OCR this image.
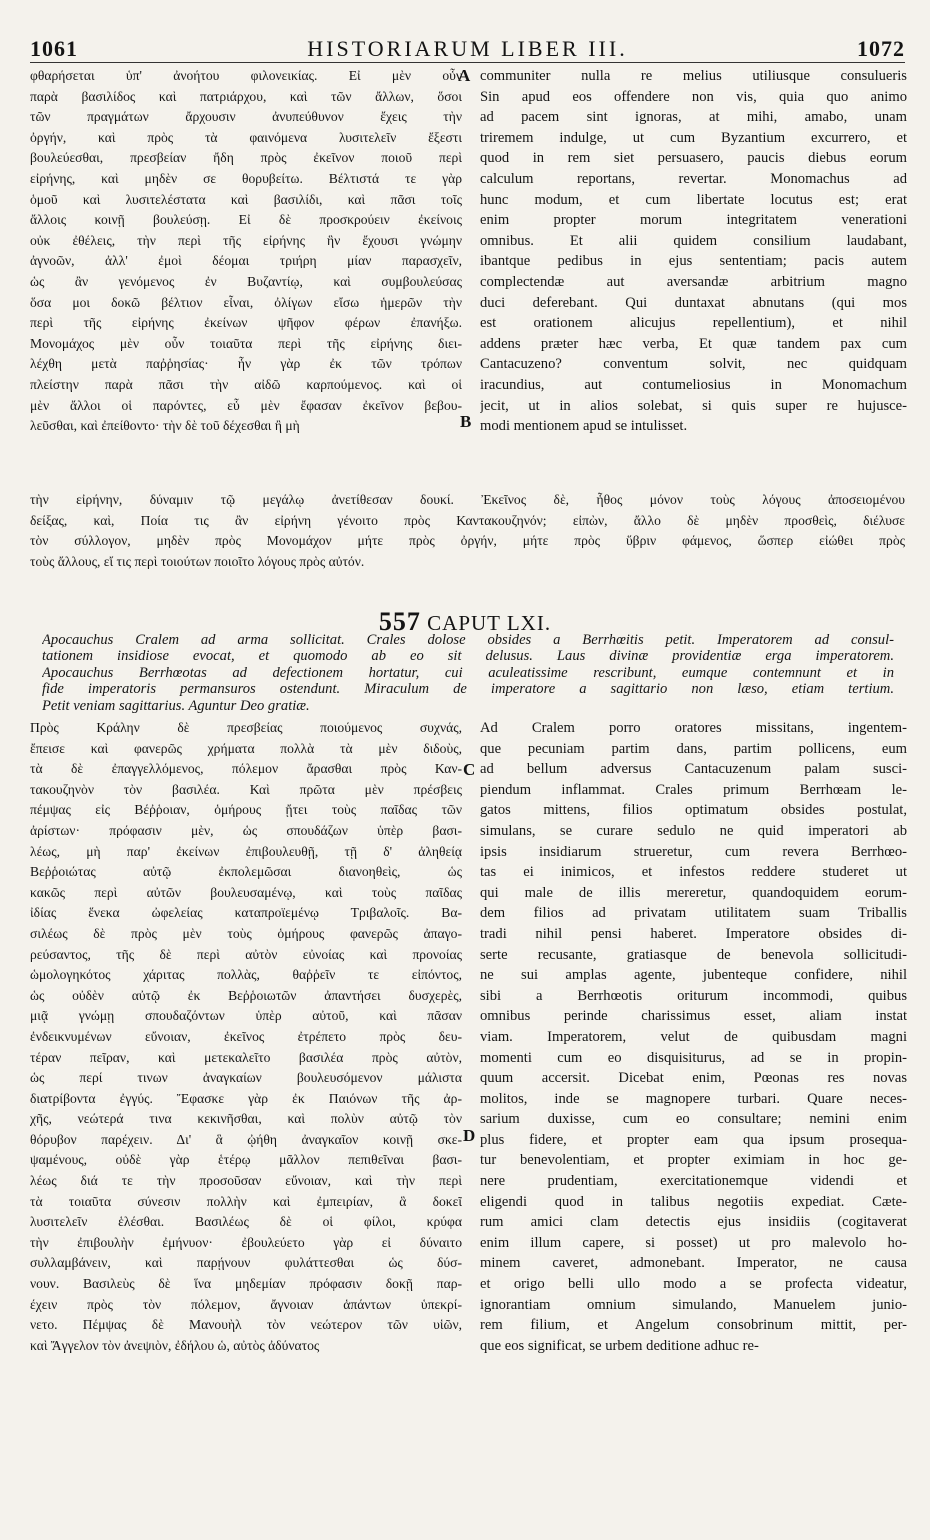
1061	HISTORIARUM LIBER III.	1072
φθαρήσεται ὑπ' ἀνοήτου φιλονεικίας. Εἰ μὲν οὖν
παρὰ βασιλίδος καὶ πατριάρχου, καὶ τῶν ἄλλων, ὅσοι
τῶν πραγμάτων ἄρχουσιν ἀνυπεύθυνον ἔχεις τὴν
ὀργήν, καὶ πρὸς τὰ φαινόμενα λυσιτελεῖν ἔξεστι
βουλεύεσθαι, πρεσβείαν ἤδη πρὸς ἐκεῖνον ποιοῦ περὶ
εἰρήνης, καὶ μηδὲν σε θορυβείτω. Βέλτιστά τε γὰρ
ὁμοῦ καὶ λυσιτελέστατα καὶ βασιλίδι, καὶ πᾶσι τοῖς
ἄλλοις κοινῇ βουλεύσῃ. Εἰ δὲ προσκρούειν ἐκείνοις
οὐκ ἐθέλεις, τὴν περὶ τῆς εἰρήνης ἣν ἔχουσι γνώμην
ἀγνοῶν, ἀλλ' ἐμοὶ δέομαι τριήρη μίαν παρασχεῖν,
ὡς ἂν γενόμενος ἐν Βυζαντίῳ, καὶ συμβουλεύσας
ὅσα μοι δοκῶ βέλτιον εἶναι, ὀλίγων εἴσω ἡμερῶν τὴν
περὶ τῆς εἰρήνης ἐκείνων ψῆφον φέρων ἐπανήξω.
Μονομάχος μὲν οὖν τοιαῦτα περὶ τῆς εἰρήνης διει-
λέχθη μετὰ παῤῥησίας· ἦν γὰρ ἐκ τῶν τρόπων
πλείστην παρὰ πᾶσι τὴν αἰδῶ καρπούμενος. καὶ οἱ
μὲν ἄλλοι οἱ παρόντες, εὖ μὲν ἔφασαν ἐκεῖνον βεβου-
λεῦσθαι, καὶ ἐπείθοντο· τὴν δὲ τοῦ δέχεσθαι ἢ μὴ
communiter nulla re melius utiliusque consulueris
Sin apud eos offendere non vis, quia quo animo
ad pacem sint ignoras, at mihi, amabo, unam
triremem indulge, ut cum Byzantium excurrero, et
quod in rem siet persuasero, paucis diebus eorum
calculum reportans, revertar. Monomachus ad
hunc modum, et cum libertate locutus est; erat
enim propter morum integritatem venerationi
omnibus. Et alii quidem consilium laudabant,
ibantque pedibus in ejus sententiam; pacis autem
complectendæ aut aversandæ arbitrium magno
duci deferebant. Qui duntaxat abnutans (qui mos
est orationem alicujus repellentium), et nihil
addens præter hæc verba, Et quæ tandem pax cum
Cantacuzeno? conventum solvit, nec quidquam
iracundius, aut contumeliosius in Monomachum
jecit, ut in alios solebat, si quis super re hujusce-
modi mentionem apud se intulisset.
τὴν εἰρήνην, δύναμιν τῷ μεγάλῳ ἀνετίθεσαν δουκί. Ἐκεῖνος δὲ, ἦθος μόνον τοὺς λόγους ἀποσειομένου
δείξας, καὶ, Ποία τις ἂν εἰρήνη γένοιτο πρὸς Καντακουζηνόν; εἰπὼν, ἄλλο δὲ μηδὲν προσθεὶς, διέλυσε
τὸν σύλλογον, μηδὲν πρὸς Μονομάχον μήτε πρὸς ὀργήν, μήτε πρὸς ὕβριν φάμενος, ὥσπερ εἰώθει πρὸς
τοὺς ἄλλους, εἴ τις περὶ τοιούτων ποιοῖτο λόγους πρὸς αὐτόν.
A
B
C
D
557 CAPUT LXI.
Apocauchus Cralem ad arma sollicitat. Crales dolose obsides a Berrhœitis petit. Imperatorem ad consul-
tationem insidiose evocat, et quomodo ab eo sit delusus. Laus divinæ providentiæ erga imperatorem.
Apocauchus Berrhœotas ad defectionem hortatur, cui aculeatissime rescribunt, eumque contemnunt et in
fide imperatoris permansuros ostendunt. Miraculum de imperatore a sagittario non læso, etiam tertium.
Petit veniam sagittarius. Aguntur Deo gratiæ.
Πρὸς Κράλην δὲ πρεσβείας ποιούμενος συχνάς,
ἔπεισε καὶ φανερῶς χρήματα πολλὰ τὰ μὲν διδοὺς,
τὰ δὲ ἐπαγγελλόμενος, πόλεμον ἄρασθαι πρὸς Καν-
τακουζηνὸν τὸν βασιλέα. Καὶ πρῶτα μὲν πρέσβεις
πέμψας εἰς Βέῤῥοιαν, ὁμήρους ᾔτει τοὺς παῖδας τῶν
ἀρίστων· πρόφασιν μὲν, ὡς σπουδάζων ὑπὲρ βασι-
λέως, μὴ παρ' ἐκείνων ἐπιβουλευθῇ, τῇ δ' ἀληθείᾳ
Βεῤῥοιώτας αὐτῷ ἐκπολεμῶσαι διανοηθεὶς, ὡς
κακῶς περὶ αὐτῶν βουλευσαμένῳ, καὶ τοὺς παῖδας
ἰδίας ἕνεκα ὠφελείας καταπροϊεμένῳ Τριβαλοῖς. Βα-
σιλέως δὲ πρὸς μὲν τοὺς ὁμήρους φανερῶς ἀπαγο-
ρεύσαντος, τῆς δὲ περὶ αὐτὸν εὐνοίας καὶ προνοίας
ὡμολογηκότος χάριτας πολλὰς, θαῤῥεῖν τε εἰπόντος,
ὡς οὐδὲν αὐτῷ ἐκ Βεῤῥοιωτῶν ἀπαντήσει δυσχερὲς,
μιᾷ γνώμῃ σπουδαζόντων ὑπὲρ αὐτοῦ, καὶ πᾶσαν
ἐνδεικνυμένων εὔνοιαν, ἐκεῖνος ἐτρέπετο πρὸς δευ-
τέραν πεῖραν, καὶ μετεκαλεῖτο βασιλέα πρὸς αὐτὸν,
ὡς περί τινων ἀναγκαίων βουλευσόμενον μάλιστα
διατρίβοντα ἐγγύς. Ἔφασκε γὰρ ἐκ Παιόνων τῆς ἀρ-
χῆς, νεώτερά τινα κεκινῆσθαι, καὶ πολὺν αὐτῷ τὸν
θόρυβον παρέχειν. Δι' ἃ ᾠήθη ἀναγκαῖον κοινῇ σκε-
ψαμένους, οὐδὲ γὰρ ἑτέρῳ μᾶλλον πεπιθεῖναι βασι-
λέως διά τε τὴν προσοῦσαν εὔνοιαν, καὶ τὴν περὶ
τὰ τοιαῦτα σύνεσιν πολλὴν καὶ ἐμπειρίαν, ἃ δοκεῖ
λυσιτελεῖν ἑλέσθαι. Βασιλέως δὲ οἱ φίλοι, κρύφα
τὴν ἐπιβουλὴν ἐμήνυον· ἐβουλεύετο γὰρ εἰ δύναιτο
συλλαμβάνειν, καὶ παρῄνουν φυλάττεσθαι ὡς δύσ-
νουν. Βασιλεὺς δὲ ἵνα μηδεμίαν πρόφασιν δοκῇ παρ-
έχειν πρὸς τὸν πόλεμον, ἄγνοιαν ἁπάντων ὑπεκρί-
νετο. Πέμψας δὲ Μανουὴλ τὸν νεώτερον τῶν υἱῶν,
καὶ Ἄγγελον τὸν ἀνεψιὸν, ἐδήλου ὡ, αὐτὸς ἀδύνατος
Ad Cralem porro oratores missitans, ingentem-
que pecuniam partim dans, partim pollicens, eum
ad bellum adversus Cantacuzenum palam susci-
piendum inflammat. Crales primum Berrhœam le-
gatos mittens, filios optimatum obsides postulat,
simulans, se curare sedulo ne quid imperatori ab
ipsis insidiarum strueretur, cum revera Berrhœo-
tas ei inimicos, et infestos reddere studeret ut
qui male de illis mereretur, quandoquidem eorum-
dem filios ad privatam utilitatem suam Triballis
tradi nihil pensi haberet. Imperatore obsides di-
serte recusante, gratiasque de benevola sollicitudi-
ne sui amplas agente, jubenteque confidere, nihil
sibi a Berrhœotis oriturum incommodi, quibus
omnibus perinde charissimus esset, aliam instat
viam. Imperatorem, velut de quibusdam magni
momenti cum eo disquisiturus, ad se in propin-
quum accersit. Dicebat enim, Pœonas res novas
molitos, inde se magnopere turbari. Quare neces-
sarium duxisse, cum eo consultare; nemini enim
plus fidere, et propter eam qua ipsum prosequa-
tur benevolentiam, et propter eximiam in hoc ge-
nere prudentiam, exercitationemque videndi et
eligendi quod in talibus negotiis expediat. Cæte-
rum amici clam detectis ejus insidiis (cogitaverat
enim illum capere, si posset) ut pro malevolo ho-
minem caveret, admonebant. Imperator, ne causa
et origo belli ullo modo a se profecta videatur,
ignorantiam omnium simulando, Manuelem junio-
rem filium, et Angelum consobrinum mittit, per-
que eos significat, se urbem deditione adhuc re-
